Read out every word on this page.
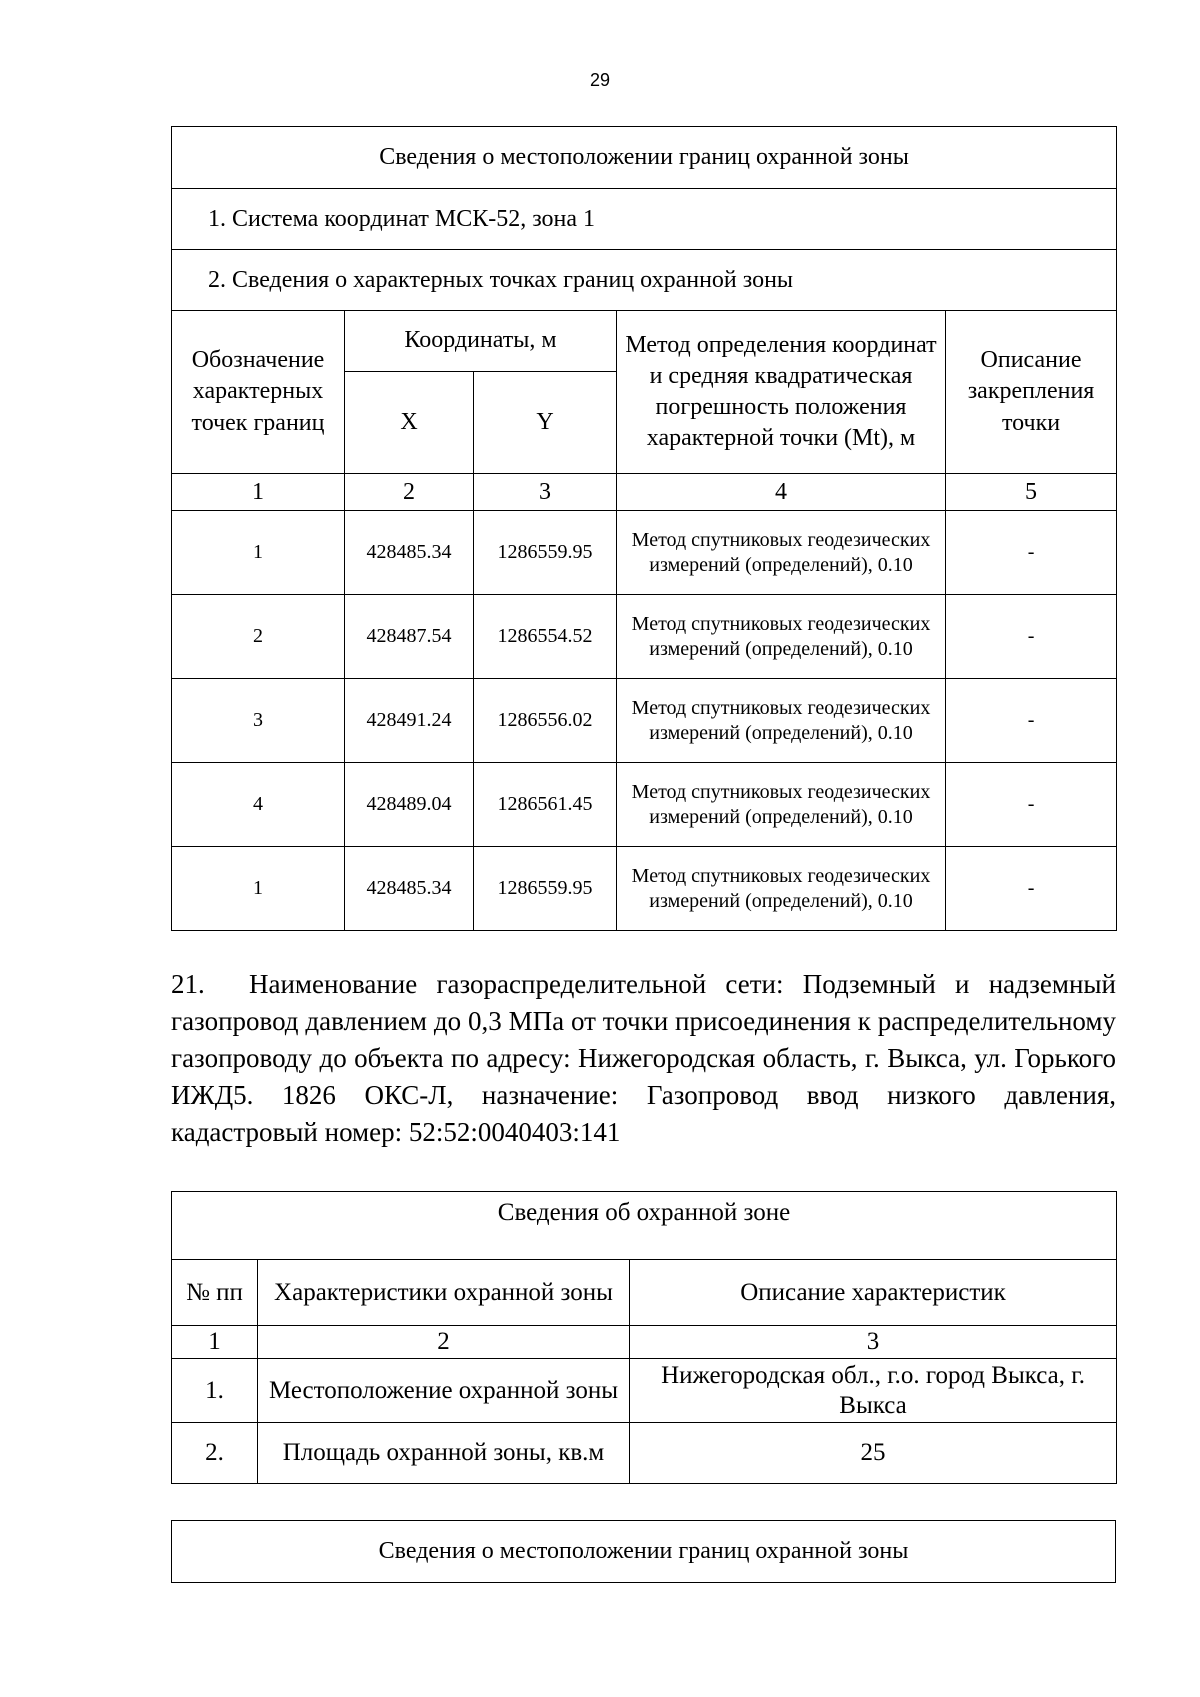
29
Сведения о местоположении границ охранной зоны				
1. Система координат МСК-52, зона 1				
2. Сведения о характерных точках границ охранной зоны				
Обозначение характерных точек границ	Координаты, м		Метод определения координат и средняя квадратическая погрешность положения характерной точки (Mt), м	Описание закрепления точки
	X	Y		
1	2	3	4	5
1	428485.34	1286559.95	Метод спутниковых геодезических измерений (определений), 0.10	-
2	428487.54	1286554.52	Метод спутниковых геодезических измерений (определений), 0.10	-
3	428491.24	1286556.02	Метод спутниковых геодезических измерений (определений), 0.10	-
4	428489.04	1286561.45	Метод спутниковых геодезических измерений (определений), 0.10	-
1	428485.34	1286559.95	Метод спутниковых геодезических измерений (определений), 0.10	-
21. Наименование газораспределительной сети: Подземный и надземный газопровод давлением до 0,3 МПа от точки присоединения к распределительному газопроводу до объекта по адресу: Нижегородская область, г. Выкса, ул. Горького ИЖД5. 1826 ОКС-Л, назначение: Газопровод ввод низкого давления, кадастровый номер: 52:52:0040403:141
Сведения об охранной зоне		
№ пп	Характеристики охранной зоны	Описание характеристик
1	2	3
1.	Местоположение охранной зоны	Нижегородская обл., г.о. город Выкса, г. Выкса
2.	Площадь охранной зоны, кв.м	25
Сведения о местоположении границ охранной зоны
